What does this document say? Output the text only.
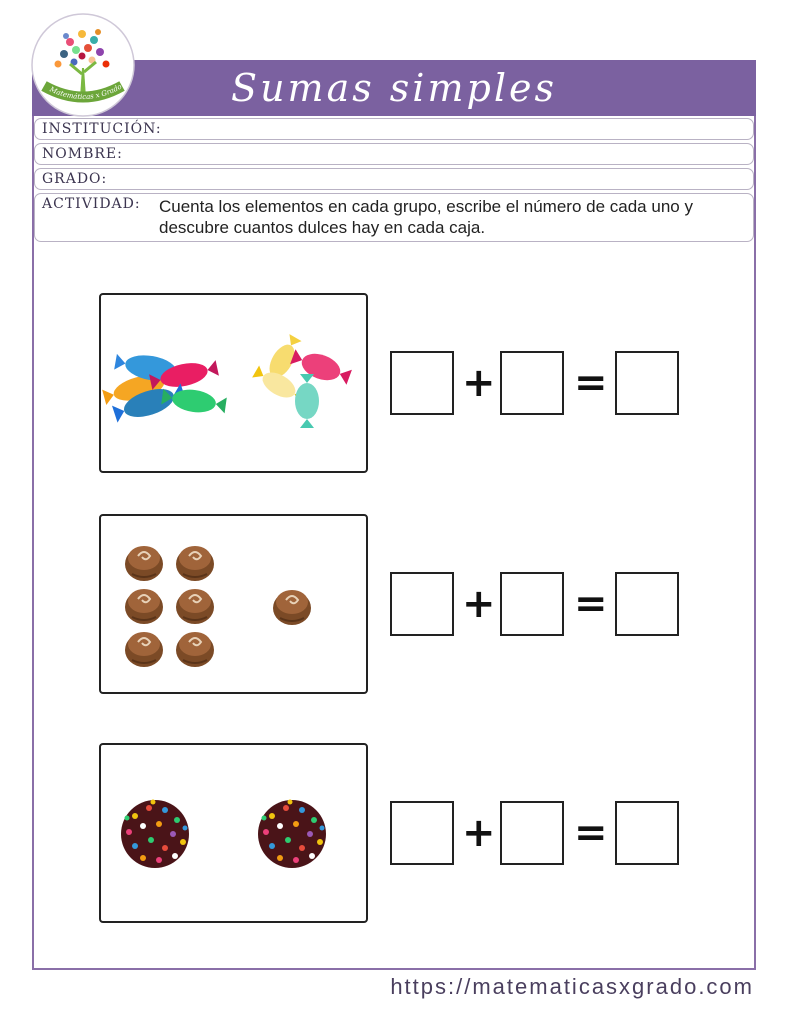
Sumas simples
Matemáticas x Grado
INSTITUCIÓN:
NOMBRE:
GRADO:
ACTIVIDAD: Cuenta los elementos en cada grupo, escribe el número de cada uno y descubre cuantos dulces hay en cada caja.
+ =
+ =
+ =
https://matematicasxgrado.com
